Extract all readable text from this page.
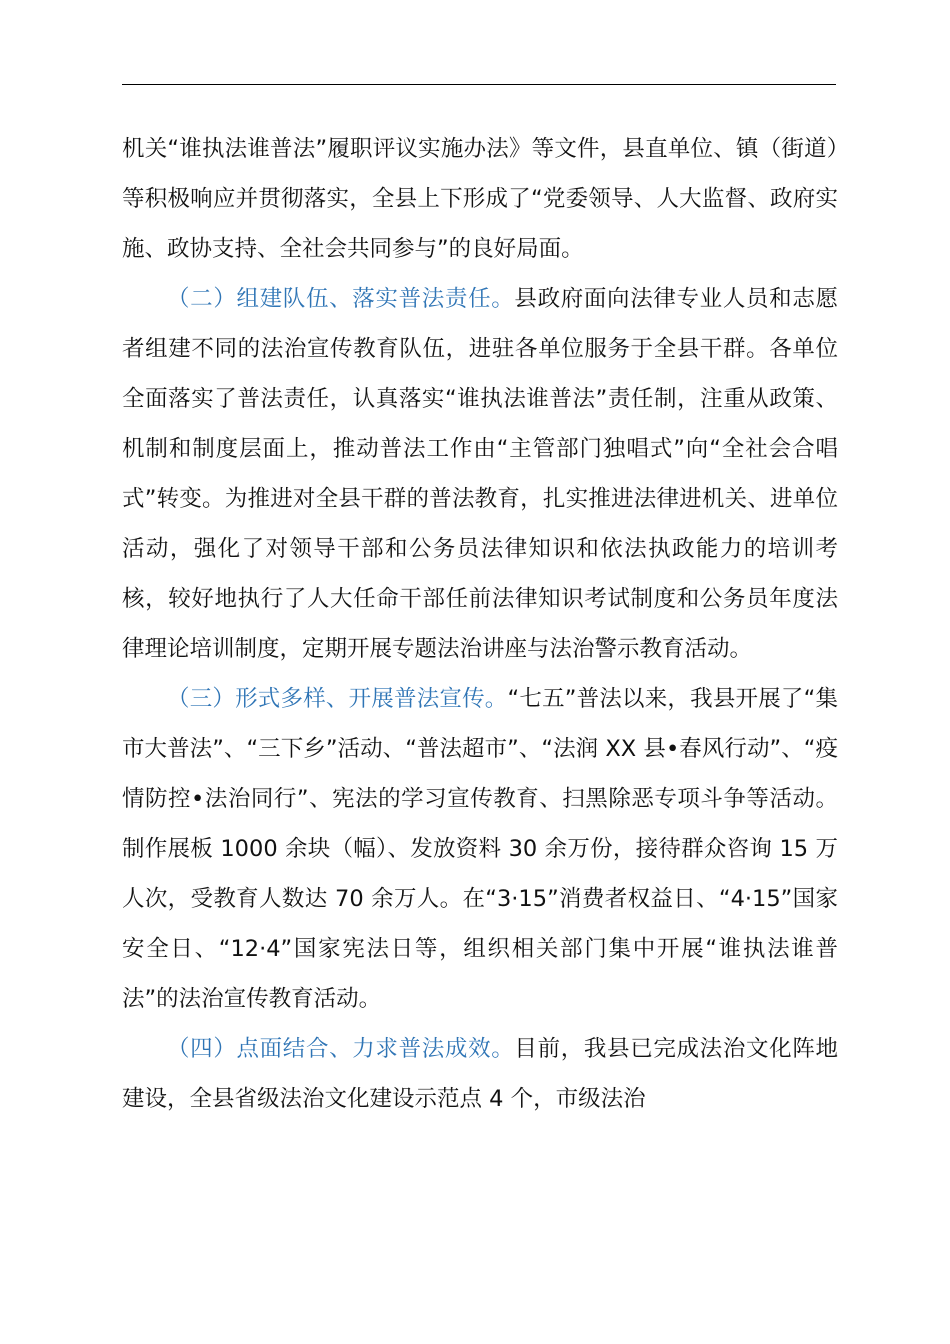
机关“谁执法谁普法”履职评议实施办法》等文件，县直单位、镇（街道）等积极响应并贯彻落实，全县上下形成了“党委领导、人大监督、政府实施、政协支持、全社会共同参与”的良好局面。

（二）组建队伍、落实普法责任。县政府面向法律专业人员和志愿者组建不同的法治宣传教育队伍，进驻各单位服务于全县干群。各单位全面落实了普法责任，认真落实“谁执法谁普法”责任制，注重从政策、机制和制度层面上，推动普法工作由“主管部门独唱式”向“全社会合唱式”转变。为推进对全县干群的普法教育，扎实推进法律进机关、进单位活动，强化了对领导干部和公务员法律知识和依法执政能力的培训考核，较好地执行了人大任命干部任前法律知识考试制度和公务员年度法律理论培训制度，定期开展专题法治讲座与法治警示教育活动。

（三）形式多样、开展普法宣传。“七五”普法以来，我县开展了“集市大普法”、“三下乡”活动、“普法超市”、“法润 XX 县•春风行动”、“疫情防控•法治同行”、宪法的学习宣传教育、扫黑除恶专项斗争等活动。制作展板 1000 余块（幅）、发放资料 30 余万份，接待群众咨询 15 万人次，受教育人数达 70 余万人。在“3·15”消费者权益日、“4·15”国家安全日、“12·4”国家宪法日等，组织相关部门集中开展“谁执法谁普法”的法治宣传教育活动。

（四）点面结合、力求普法成效。目前，我县已完成法治文化阵地建设，全县省级法治文化建设示范点 4 个，市级法治
